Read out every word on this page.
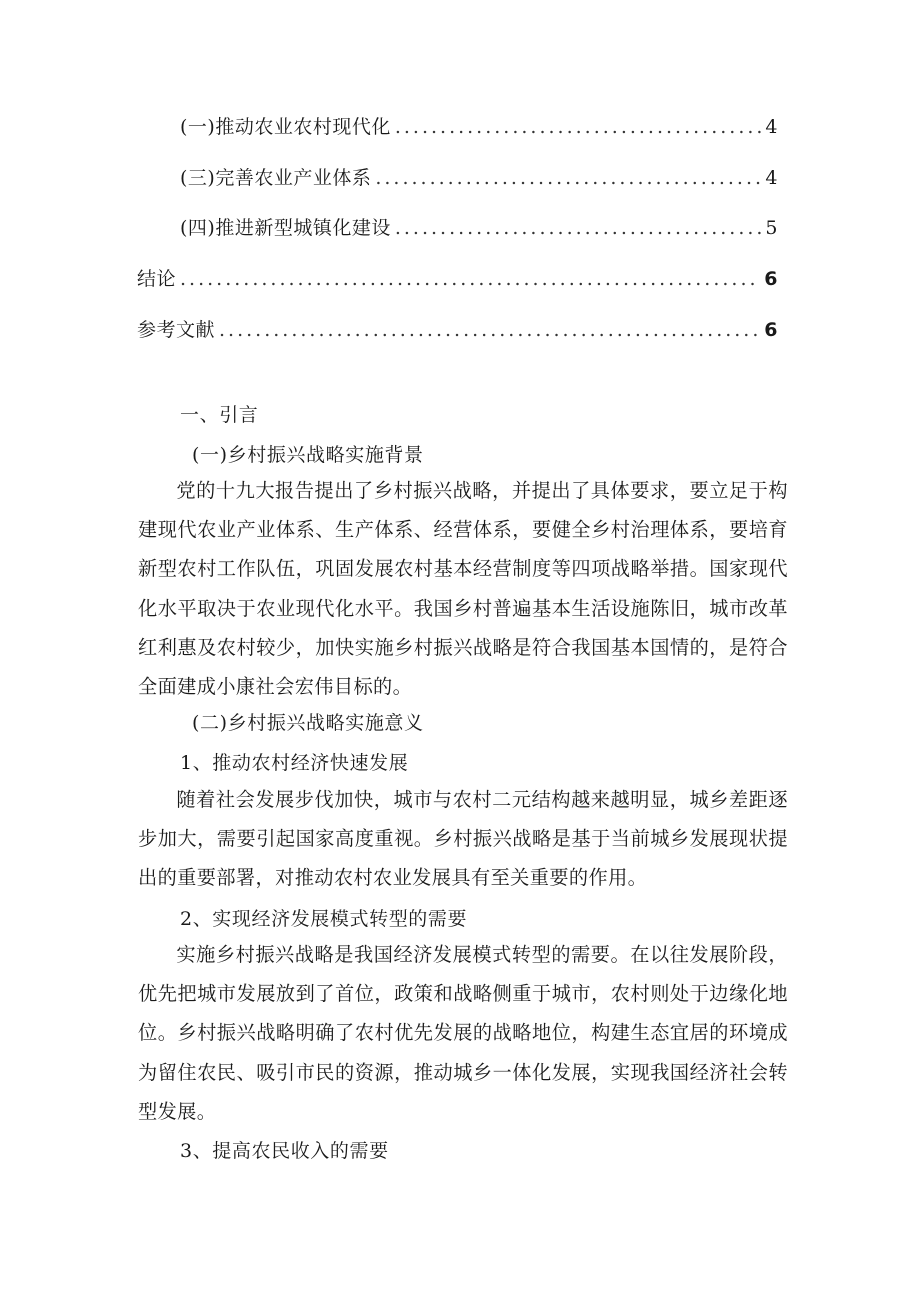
(一)推动农业农村现代化 .....	4
(三)完善农业产业体系 .....	4
(四)推进新型城镇化建设 .....	5
结论 .....	6
参考文献 .....	6
一、引言
(一)乡村振兴战略实施背景

党的十九大报告提出了乡村振兴战略，并提出了具体要求，要立足于构建现代农业产业体系、生产体系、经营体系，要健全乡村治理体系，要培育新型农村工作队伍，巩固发展农村基本经营制度等四项战略举措。国家现代化水平取决于农业现代化水平。我国乡村普遍基本生活设施陈旧，城市改革红利惠及农村较少，加快实施乡村振兴战略是符合我国基本国情的，是符合全面建成小康社会宏伟目标的。

(二)乡村振兴战略实施意义
1、推动农村经济快速发展

随着社会发展步伐加快，城市与农村二元结构越来越明显，城乡差距逐步加大，需要引起国家高度重视。乡村振兴战略是基于当前城乡发展现状提出的重要部署，对推动农村农业发展具有至关重要的作用。

2、实现经济发展模式转型的需要

实施乡村振兴战略是我国经济发展模式转型的需要。在以往发展阶段，优先把城市发展放到了首位，政策和战略侧重于城市，农村则处于边缘化地位。乡村振兴战略明确了农村优先发展的战略地位，构建生态宜居的环境成为留住农民、吸引市民的资源，推动城乡一体化发展，实现我国经济社会转型发展。

3、提高农民收入的需要
